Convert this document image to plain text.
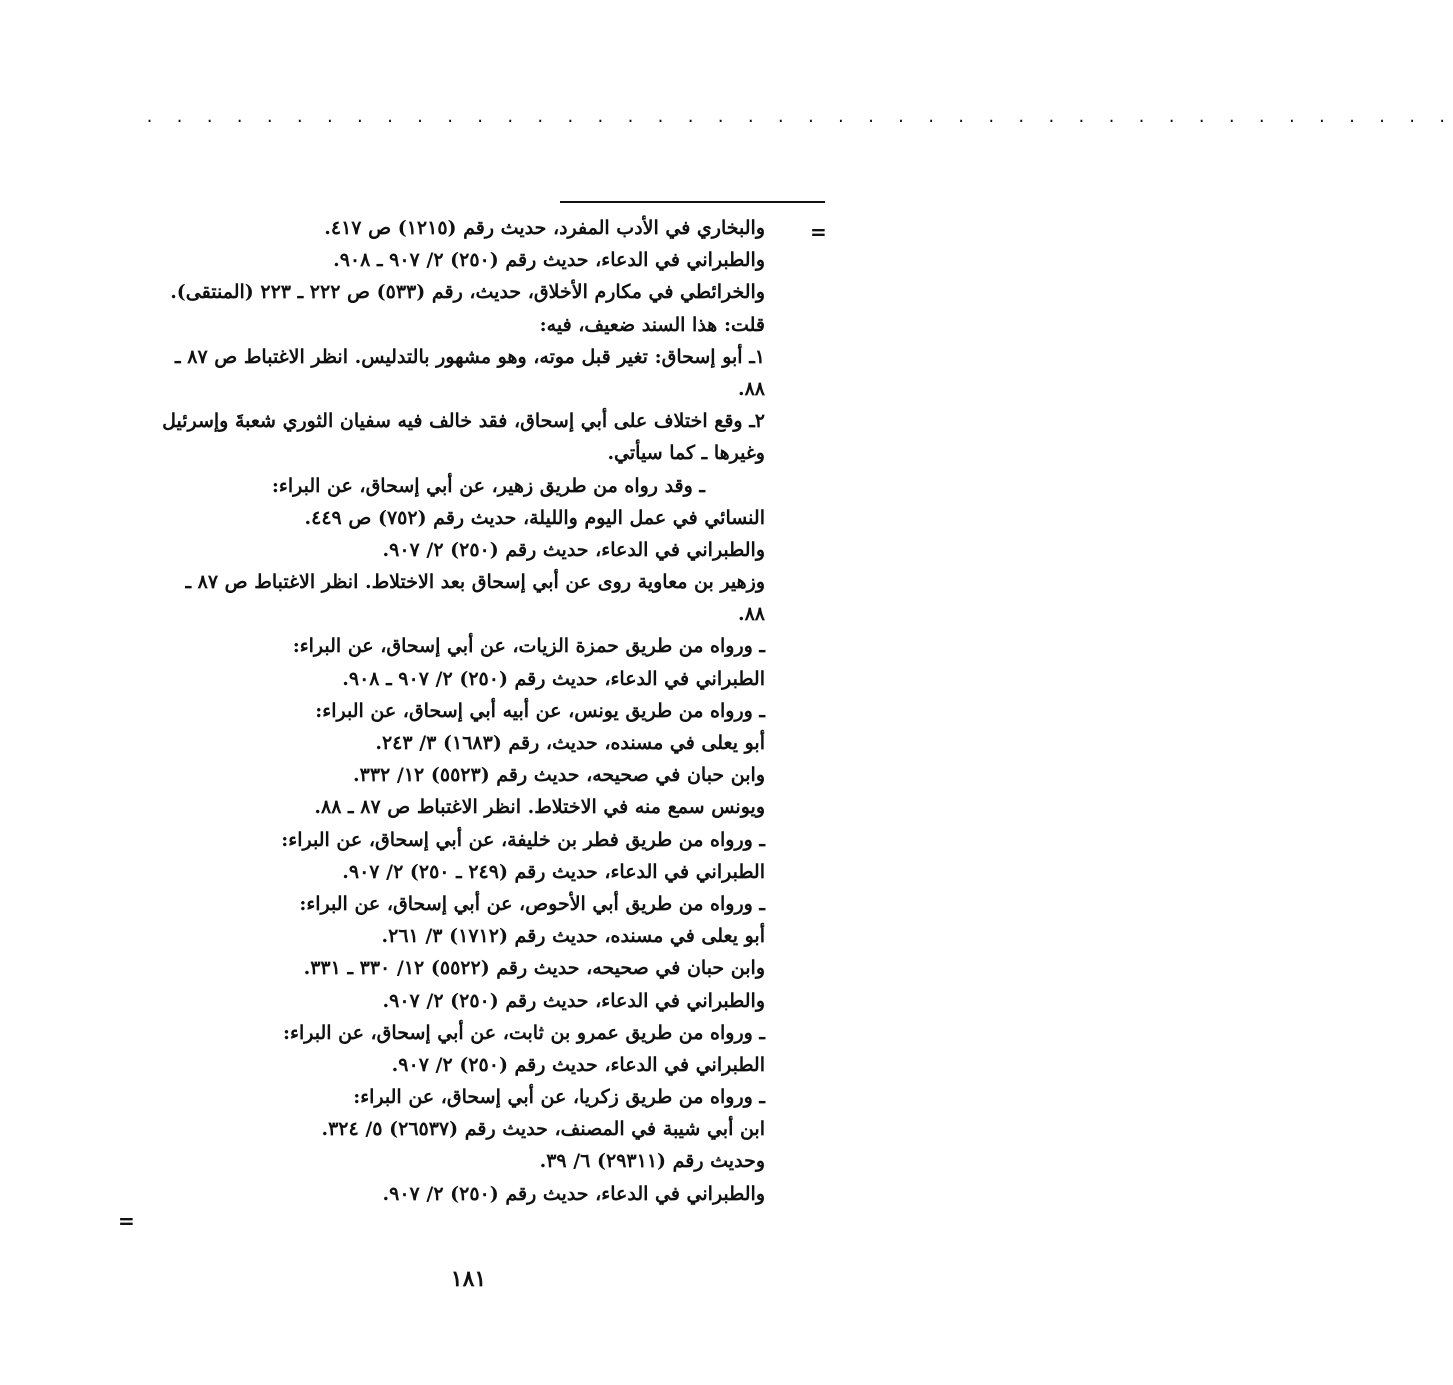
. . . . . . . . . . . . . . . . . . . . . . . . . . . . . . . . . . . . . . . . . . . .
=
والبخاري في الأدب المفرد، حديث رقم (١٢١٥) ص ٤١٧.
والطبراني في الدعاء، حديث رقم (٢٥٠) ٢/ ٩٠٧ ـ ٩٠٨.
والخرائطي في مكارم الأخلاق، حديث، رقم (٥٣٣) ص ٢٢٢ ـ ٢٢٣ (المنتقى).
قلت: هذا السند ضعيف، فيه:
١ـ أبو إسحاق: تغير قبل موته، وهو مشهور بالتدليس. انظر الاغتباط ص ٨٧ ـ
٨٨.
٢ـ وقع اختلاف على أبي إسحاق، فقد خالف فيه سفيان الثوري شعبةَ وإسرئيل
وغيرها ـ كما سيأتي.
ـ وقد رواه من طريق زهير، عن أبي إسحاق، عن البراء:
النسائي في عمل اليوم والليلة، حديث رقم (٧٥٢) ص ٤٤٩.
والطبراني في الدعاء، حديث رقم (٢٥٠) ٢/ ٩٠٧.
وزهير بن معاوية روى عن أبي إسحاق بعد الاختلاط. انظر الاغتباط ص ٨٧ ـ
٨٨.
ـ ورواه من طريق حمزة الزيات، عن أبي إسحاق، عن البراء:
الطبراني في الدعاء، حديث رقم (٢٥٠) ٢/ ٩٠٧ ـ ٩٠٨.
ـ ورواه من طريق يونس، عن أبيه أبي إسحاق، عن البراء:
أبو يعلى في مسنده، حديث، رقم (١٦٨٣) ٣/ ٢٤٣.
وابن حبان في صحيحه، حديث رقم (٥٥٢٣) ١٢/ ٣٣٢.
ويونس سمع منه في الاختلاط. انظر الاغتباط ص ٨٧ ـ ٨٨.
ـ ورواه من طريق فطر بن خليفة، عن أبي إسحاق، عن البراء:
الطبراني في الدعاء، حديث رقم (٢٤٩ ـ ٢٥٠) ٢/ ٩٠٧.
ـ ورواه من طريق أبي الأحوص، عن أبي إسحاق، عن البراء:
أبو يعلى في مسنده، حديث رقم (١٧١٢) ٣/ ٢٦١.
وابن حبان في صحيحه، حديث رقم (٥٥٢٢) ١٢/ ٣٣٠ ـ ٣٣١.
والطبراني في الدعاء، حديث رقم (٢٥٠) ٢/ ٩٠٧.
ـ ورواه من طريق عمرو بن ثابت، عن أبي إسحاق، عن البراء:
الطبراني في الدعاء، حديث رقم (٢٥٠) ٢/ ٩٠٧.
ـ ورواه من طريق زكريا، عن أبي إسحاق، عن البراء:
ابن أبي شيبة في المصنف، حديث رقم (٢٦٥٣٧) ٥/ ٣٢٤.
وحديث رقم (٢٩٣١١) ٦/ ٣٩.
والطبراني في الدعاء، حديث رقم (٢٥٠) ٢/ ٩٠٧.
=
١٨١
